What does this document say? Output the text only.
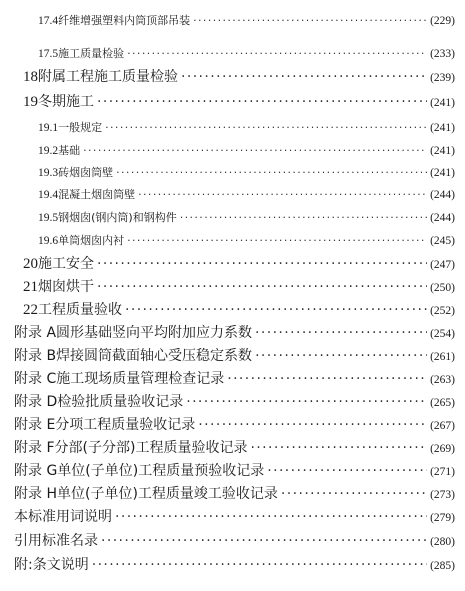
17.4 纤维增强塑料内筒顶部吊装 ·····	(229)
17.5 施工质量检验 ·····	(233)
18 附属工程施工质量检验 ·····	(239)
19 冬期施工 ·····	(241)
19.1 一般规定 ·····	(241)
19.2 基础 ·····	(241)
19.3 砖烟囱筒壁 ·····	(241)
19.4 混凝土烟囱筒壁 ·····	(244)
19.5 钢烟囱(钢内筒)和钢构件 ·····	(244)
19.6 单筒烟囱内衬 ·····	(245)
20 施工安全 ·····	(247)
21 烟囱烘干 ·····	(250)
22 工程质量验收 ·····	(252)
附录 A 圆形基础竖向平均附加应力系数 ·····	(254)
附录 B 焊接圆筒截面轴心受压稳定系数 ·····	(261)
附录 C 施工现场质量管理检查记录 ·····	(263)
附录 D 检验批质量验收记录 ·····	(265)
附录 E 分项工程质量验收记录 ·····	(267)
附录 F 分部(子分部)工程质量验收记录 ·····	(269)
附录 G 单位(子单位)工程质量预验收记录 ·····	(271)
附录 H 单位(子单位)工程质量竣工验收记录 ·····	(273)
本标准用词说明 ·····	(279)
引用标准名录 ·····	(280)
附:条文说明 ·····	(285)
